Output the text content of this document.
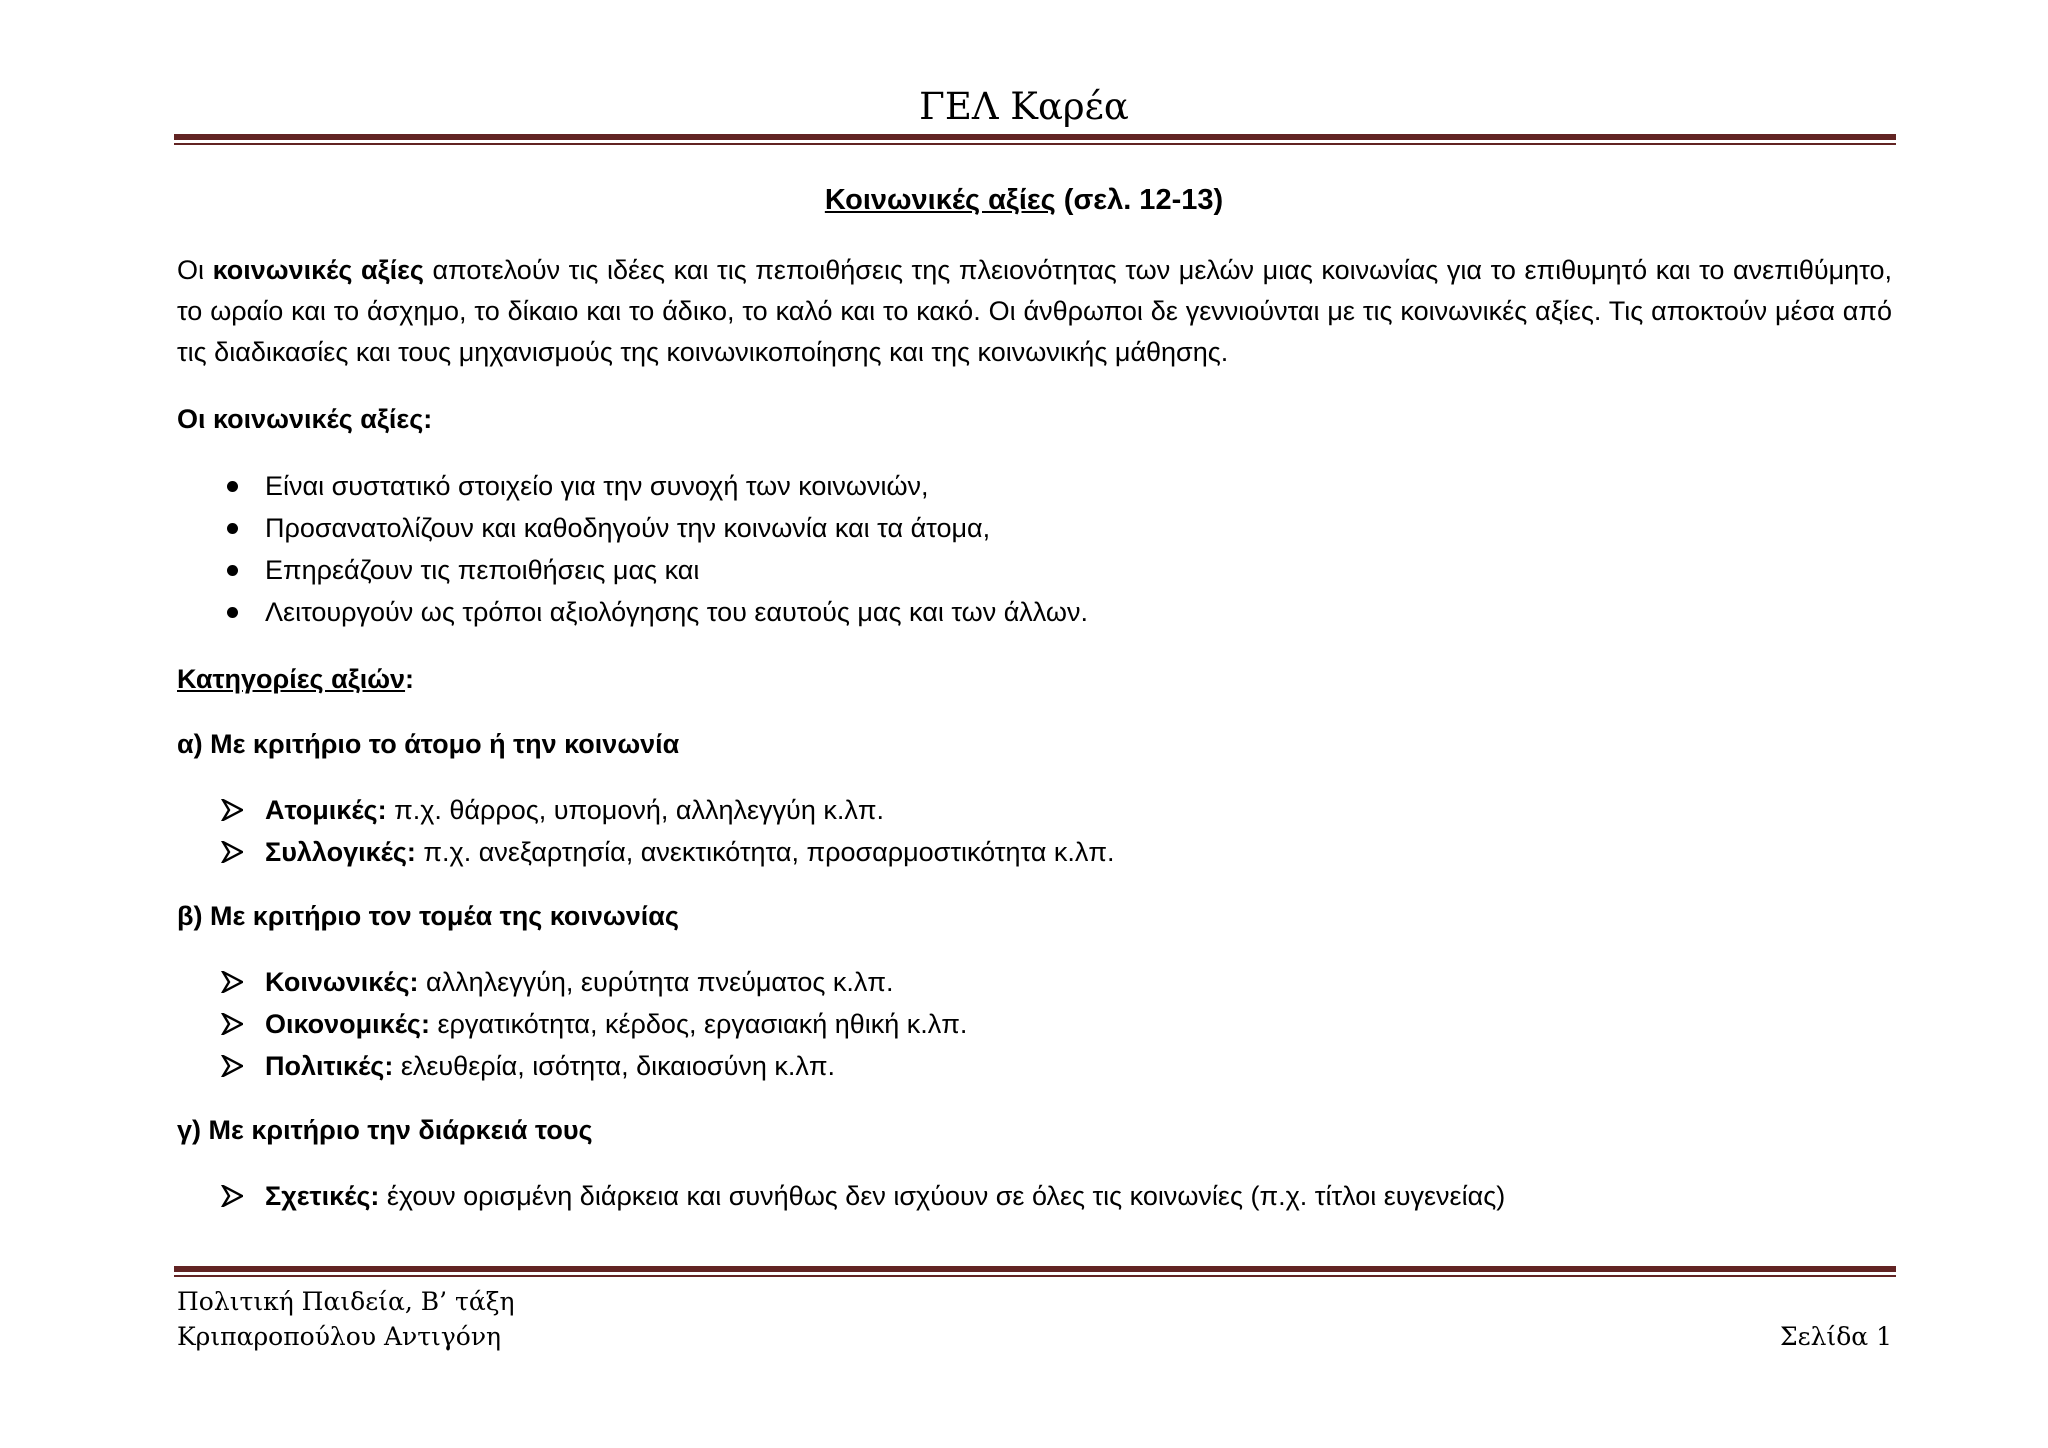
ΓΕΛ Καρέα
Κοινωνικές αξίες (σελ. 12-13)

Οι κοινωνικές αξίες αποτελούν τις ιδέες και τις πεποιθήσεις της πλειονότητας των μελών μιας κοινωνίας για το επιθυμητό και το ανεπιθύμητο, το ωραίο και το άσχημο, το δίκαιο και το άδικο, το καλό και το κακό. Οι άνθρωποι δε γεννιούνται με τις κοινωνικές αξίες. Τις αποκτούν μέσα από τις διαδικασίες και τους μηχανισμούς της κοινωνικοποίησης και της κοινωνικής μάθησης.

Οι κοινωνικές αξίες:

Είναι συστατικό στοιχείο για την συνοχή των κοινωνιών,
Προσανατολίζουν και καθοδηγούν την κοινωνία και τα άτομα,
Επηρεάζουν τις πεποιθήσεις μας και
Λειτουργούν ως τρόποι αξιολόγησης του εαυτούς μας και των άλλων.

Κατηγορίες αξιών:

α) Με κριτήριο το άτομο ή την κοινωνία

Ατομικές: π.χ. θάρρος, υπομονή, αλληλεγγύη κ.λπ.
Συλλογικές: π.χ. ανεξαρτησία, ανεκτικότητα, προσαρμοστικότητα κ.λπ.

β) Με κριτήριο τον τομέα της κοινωνίας

Κοινωνικές: αλληλεγγύη, ευρύτητα πνεύματος κ.λπ.
Οικονομικές: εργατικότητα, κέρδος, εργασιακή ηθική κ.λπ.
Πολιτικές: ελευθερία, ισότητα, δικαιοσύνη κ.λπ.

γ) Με κριτήριο την διάρκειά τους

Σχετικές: έχουν ορισμένη διάρκεια και συνήθως δεν ισχύουν σε όλες τις κοινωνίες (π.χ. τίτλοι ευγενείας)
Πολιτική Παιδεία, Β’ τάξη
Κριπαροπούλου Αντιγόνη	Σελίδα 1
